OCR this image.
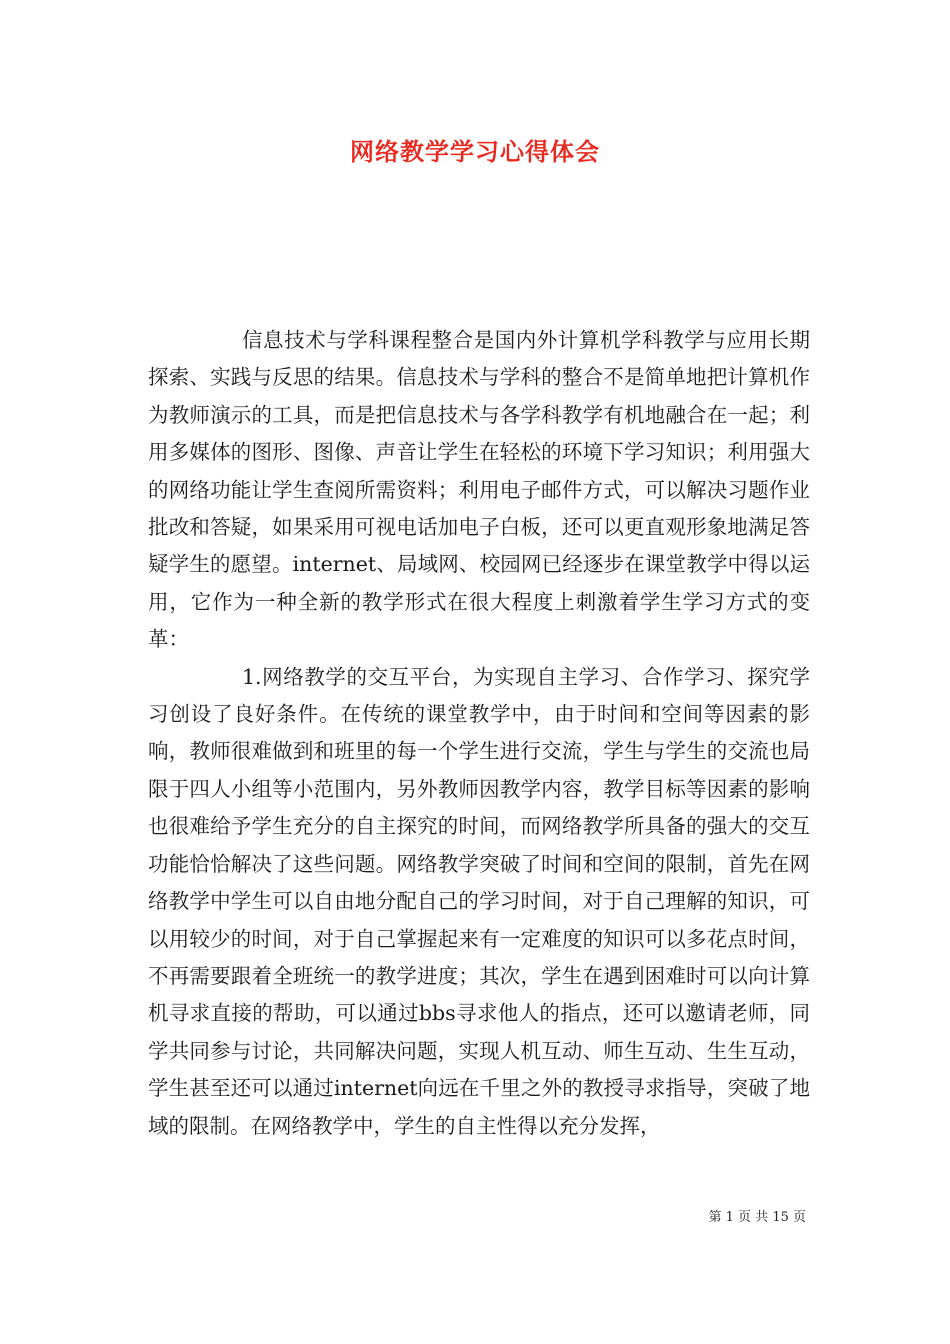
网络教学学习心得体会

信息技术与学科课程整合是国内外计算机学科教学与应用长期探索、实践与反思的结果。信息技术与学科的整合不是简单地把计算机作为教师演示的工具，而是把信息技术与各学科教学有机地融合在一起；利用多媒体的图形、图像、声音让学生在轻松的环境下学习知识；利用强大的网络功能让学生查阅所需资料；利用电子邮件方式，可以解决习题作业批改和答疑，如果采用可视电话加电子白板，还可以更直观形象地满足答疑学生的愿望。internet、局域网、校园网已经逐步在课堂教学中得以运用，它作为一种全新的教学形式在很大程度上刺激着学生学习方式的变革：

1.网络教学的交互平台，为实现自主学习、合作学习、探究学习创设了良好条件。在传统的课堂教学中，由于时间和空间等因素的影响，教师很难做到和班里的每一个学生进行交流，学生与学生的交流也局限于四人小组等小范围内，另外教师因教学内容，教学目标等因素的影响也很难给予学生充分的自主探究的时间，而网络教学所具备的强大的交互功能恰恰解决了这些问题。网络教学突破了时间和空间的限制，首先在网络教学中学生可以自由地分配自己的学习时间，对于自己理解的知识，可以用较少的时间，对于自己掌握起来有一定难度的知识可以多花点时间，不再需要跟着全班统一的教学进度；其次，学生在遇到困难时可以向计算机寻求直接的帮助，可以通过bbs寻求他人的指点，还可以邀请老师，同学共同参与讨论，共同解决问题，实现人机互动、师生互动、生生互动，学生甚至还可以通过internet向远在千里之外的教授寻求指导，突破了地域的限制。在网络教学中，学生的自主性得以充分发挥，

第 1 页 共 15 页
